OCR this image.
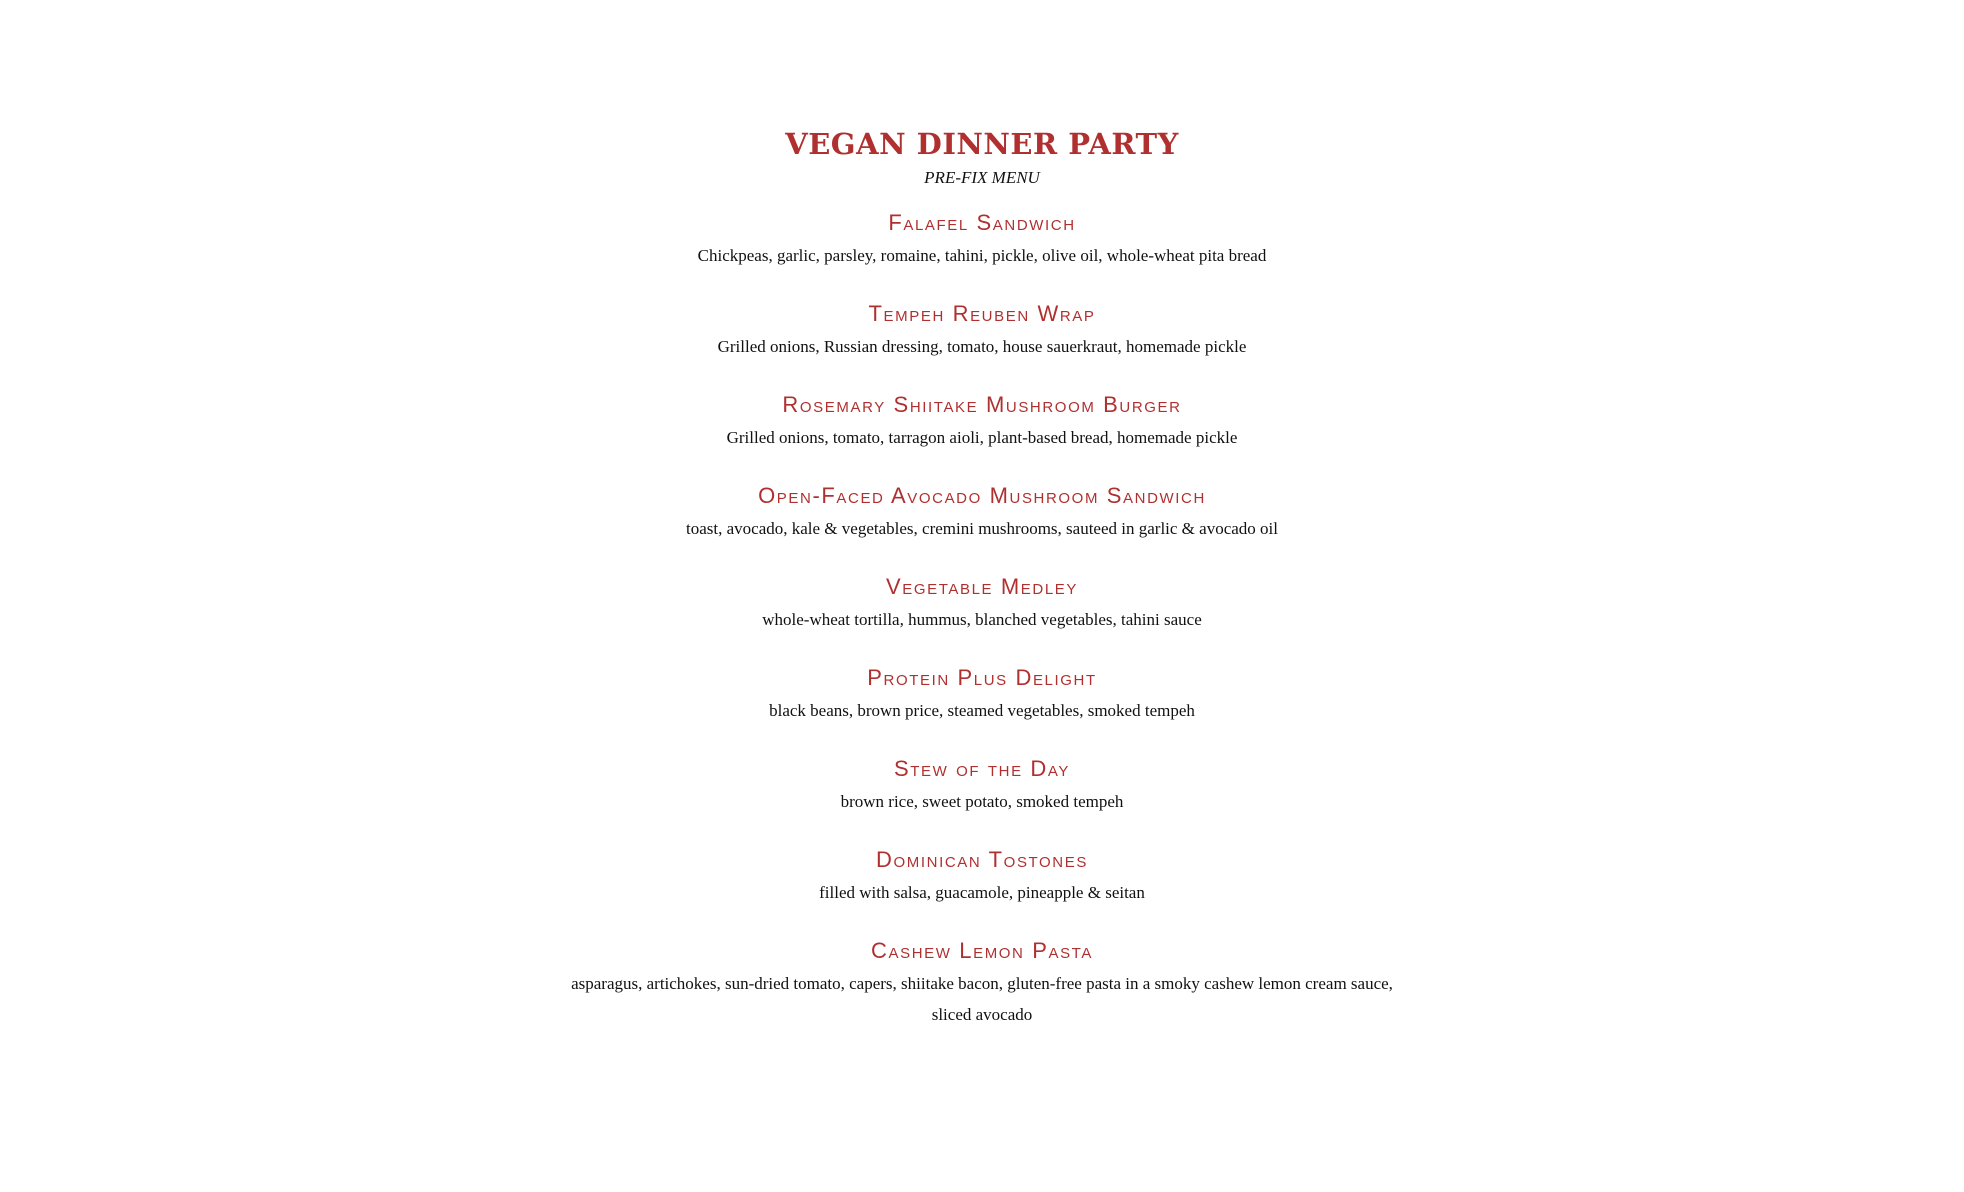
VEGAN DINNER PARTY

PRE-FIX MENU

Falafel Sandwich

Chickpeas, garlic, parsley, romaine, tahini, pickle, olive oil, whole-wheat pita bread

Tempeh Reuben Wrap

Grilled onions, Russian dressing, tomato, house sauerkraut, homemade pickle

Rosemary Shiitake Mushroom Burger

Grilled onions, tomato, tarragon aioli, plant-based bread, homemade pickle

Open-Faced Avocado Mushroom Sandwich

toast, avocado, kale & vegetables, cremini mushrooms, sauteed in garlic & avocado oil

Vegetable Medley

whole-wheat tortilla, hummus, blanched vegetables, tahini sauce

Protein Plus Delight

black beans, brown price, steamed vegetables, smoked tempeh

Stew of the Day

brown rice, sweet potato, smoked tempeh

Dominican Tostones

filled with salsa, guacamole, pineapple & seitan

Cashew Lemon Pasta

asparagus, artichokes, sun-dried tomato, capers, shiitake bacon, gluten-free pasta in a smoky cashew lemon cream sauce, sliced avocado
